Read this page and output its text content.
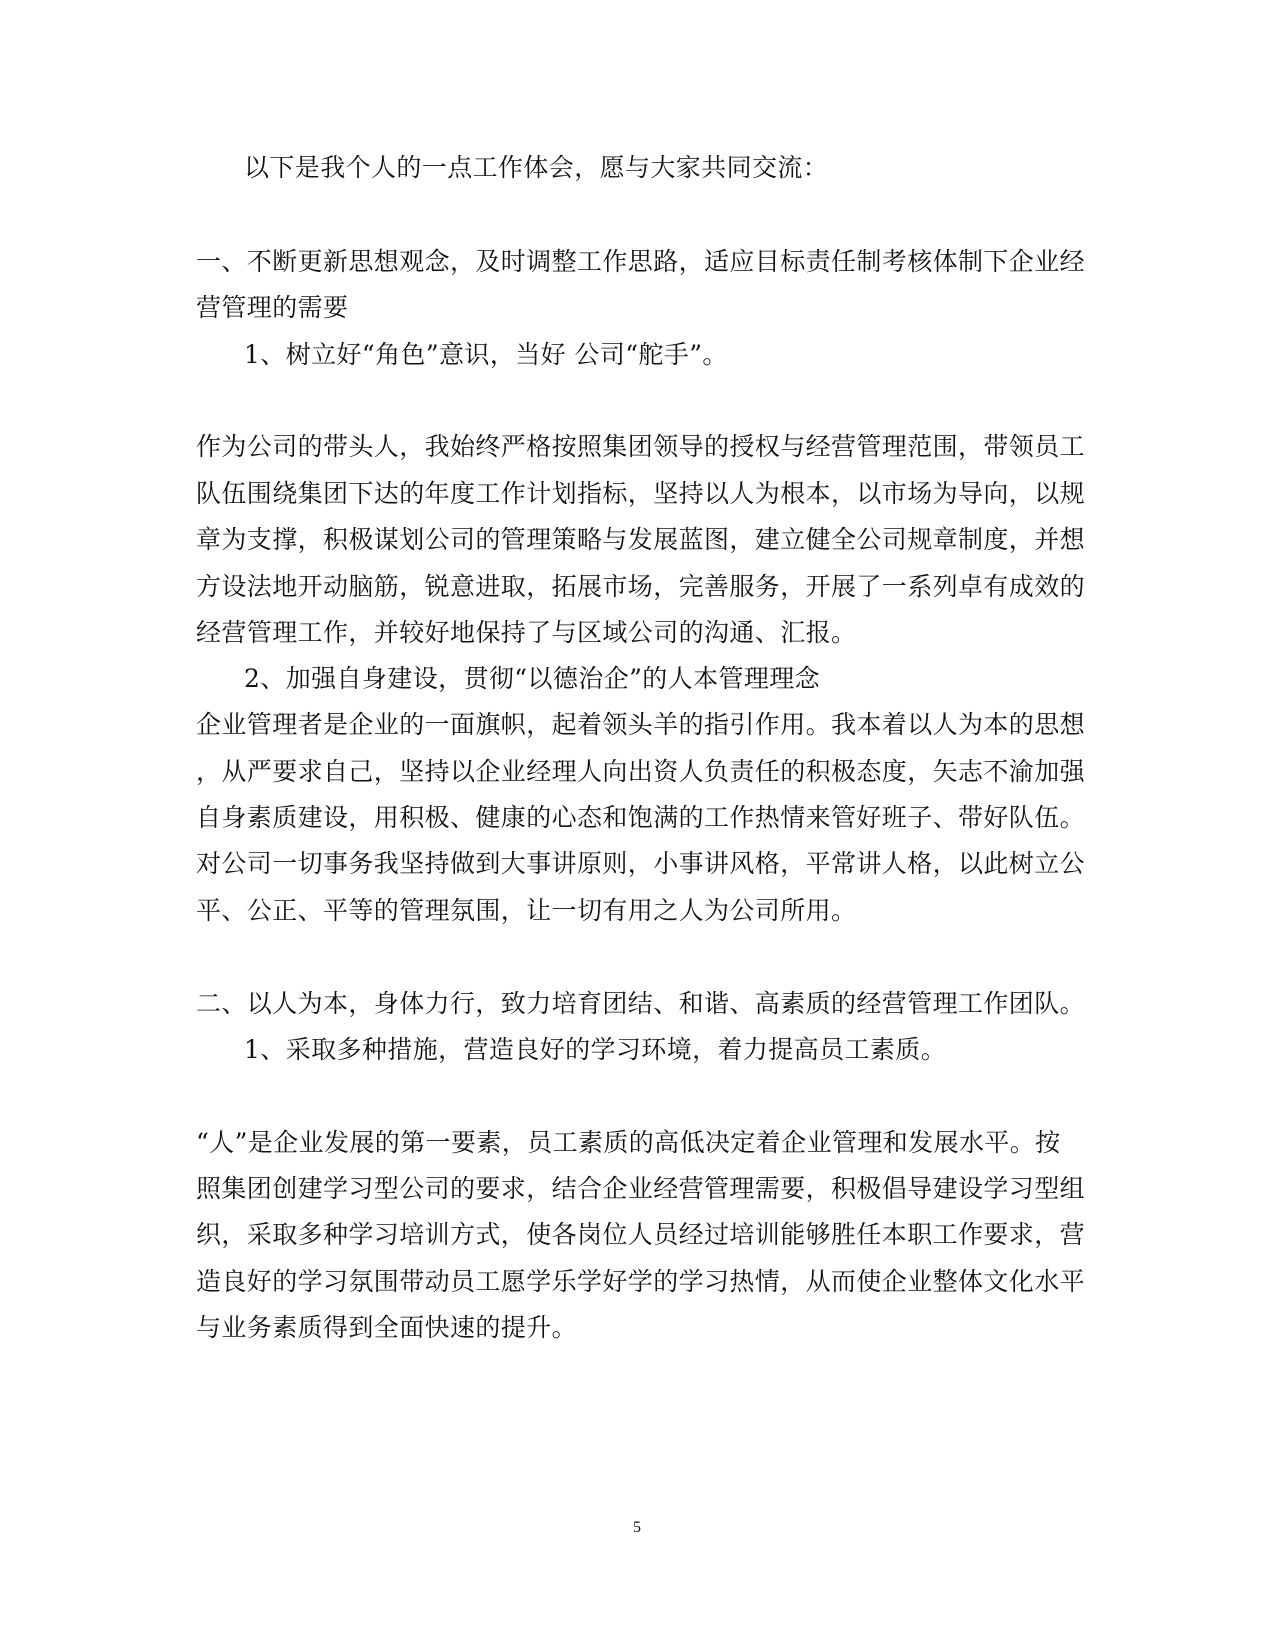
以下是我个人的一点工作体会，愿与大家共同交流：
一、不断更新思想观念，及时调整工作思路，适应目标责任制考核体制下企业经
营管理的需要
1、树立好“角色”意识，当好 公司“舵手”。
作为公司的带头人，我始终严格按照集团领导的授权与经营管理范围，带领员工
队伍围绕集团下达的年度工作计划指标，坚持以人为根本，以市场为导向，以规
章为支撑，积极谋划公司的管理策略与发展蓝图，建立健全公司规章制度，并想
方设法地开动脑筋，锐意进取，拓展市场，完善服务，开展了一系列卓有成效的
经营管理工作，并较好地保持了与区域公司的沟通、汇报。
2、加强自身建设，贯彻“以德治企”的人本管理理念
企业管理者是企业的一面旗帜，起着领头羊的指引作用。我本着以人为本的思想
，从严要求自己，坚持以企业经理人向出资人负责任的积极态度，矢志不渝加强
自身素质建设，用积极、健康的心态和饱满的工作热情来管好班子、带好队伍。
对公司一切事务我坚持做到大事讲原则，小事讲风格，平常讲人格，以此树立公
平、公正、平等的管理氛围，让一切有用之人为公司所用。
二、以人为本，身体力行，致力培育团结、和谐、高素质的经营管理工作团队。
1、采取多种措施，营造良好的学习环境，着力提高员工素质。
“人”是企业发展的第一要素，员工素质的高低决定着企业管理和发展水平。按
照集团创建学习型公司的要求，结合企业经营管理需要，积极倡导建设学习型组
织，采取多种学习培训方式，使各岗位人员经过培训能够胜任本职工作要求，营
造良好的学习氛围带动员工愿学乐学好学的学习热情，从而使企业整体文化水平
与业务素质得到全面快速的提升。
5
